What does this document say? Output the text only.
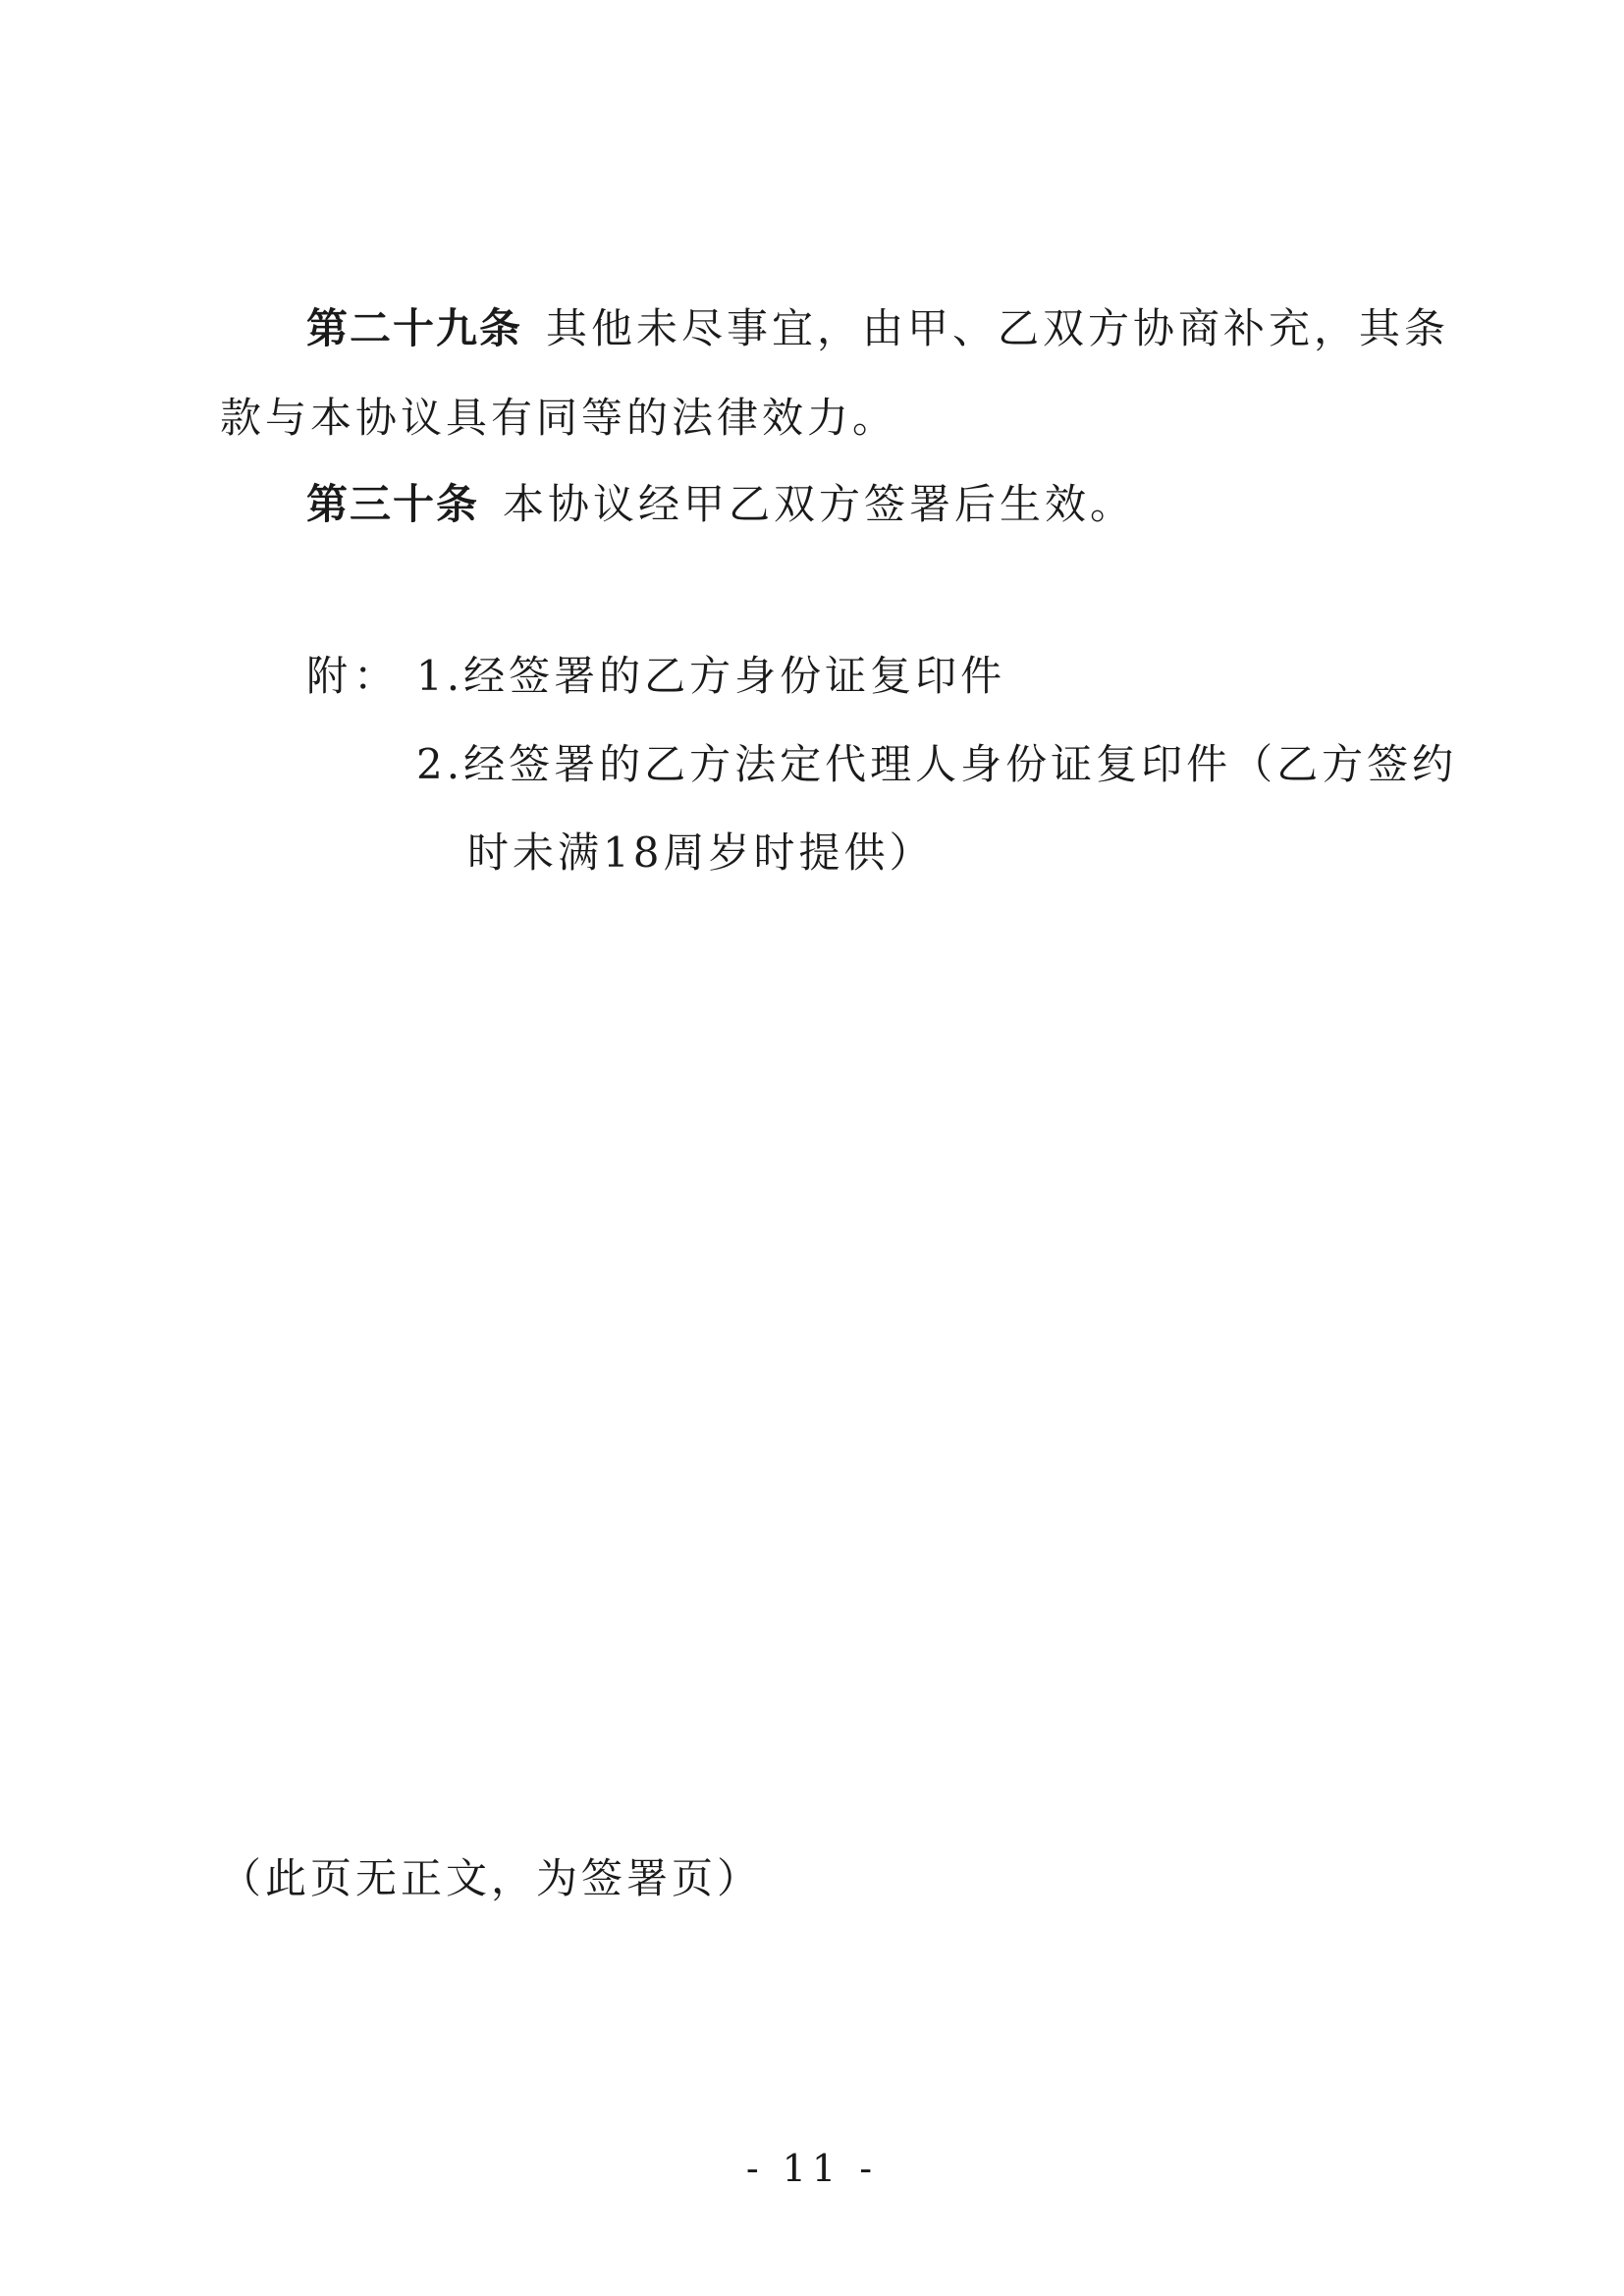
第二十九条 其他未尽事宜，由甲、乙双方协商补充，其条
款与本协议具有同等的法律效力。
第三十条 本协议经甲乙双方签署后生效。
附： 1.经签署的乙方身份证复印件
2.经签署的乙方法定代理人身份证复印件（乙方签约
时未满18周岁时提供）
（此页无正文，为签署页）
- 11 -
